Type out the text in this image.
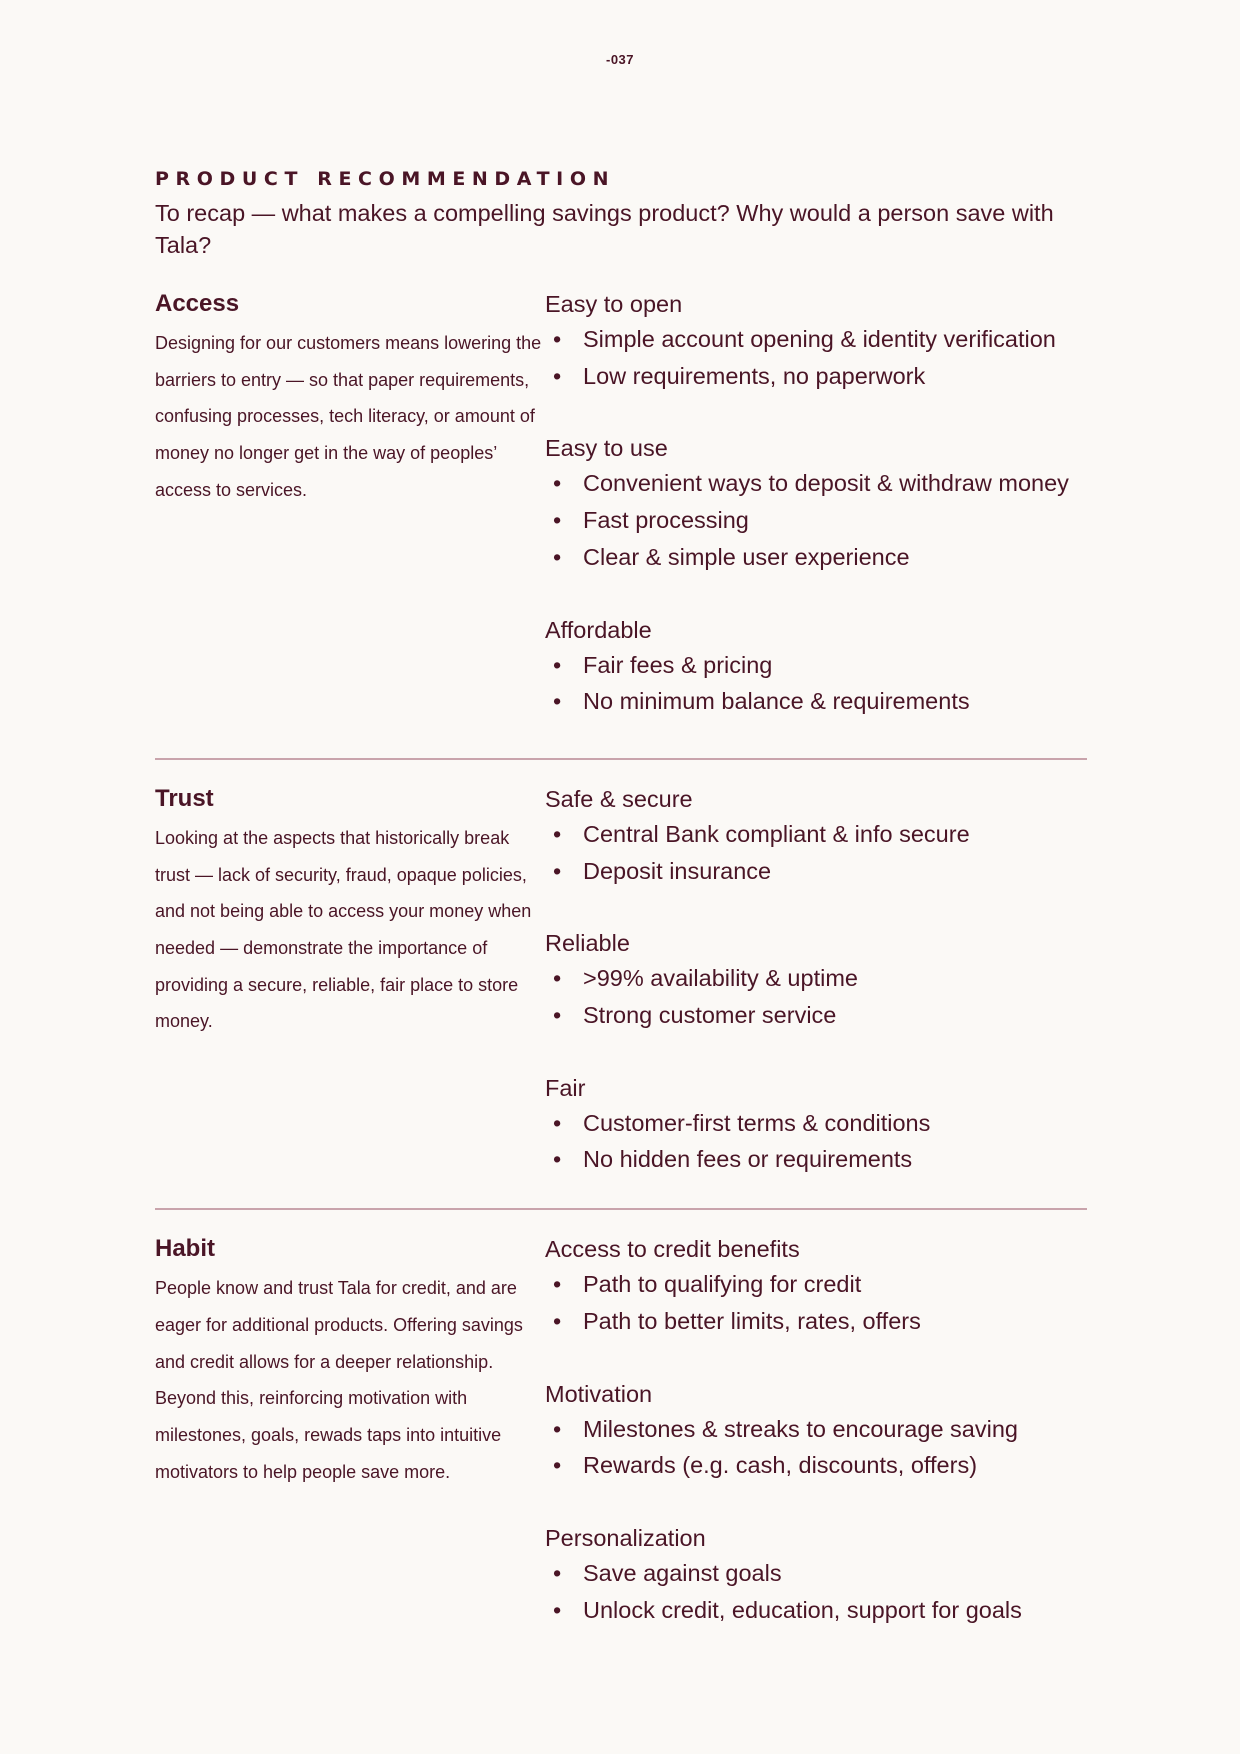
-037
PRODUCT RECOMMENDATION

To recap — what makes a compelling savings product? Why would a person save with Tala?

Access

Designing for our customers means lowering the barriers to entry — so that paper requirements, confusing processes, tech literacy, or amount of money no longer get in the way of peoples’ access to services.

Easy to open

• Simple account opening & identity verification
• Low requirements, no paperwork

Easy to use

• Convenient ways to deposit & withdraw money
• Fast processing
• Clear & simple user experience

Affordable

• Fair fees & pricing
• No minimum balance & requirements
Trust

Looking at the aspects that historically break trust — lack of security, fraud, opaque policies, and not being able to access your money when needed — demonstrate the importance of providing a secure, reliable, fair place to store money.

Safe & secure

• Central Bank compliant & info secure
• Deposit insurance

Reliable

• >99% availability & uptime
• Strong customer service

Fair

• Customer-first terms & conditions
• No hidden fees or requirements
Habit

People know and trust Tala for credit, and are eager for additional products. Offering savings and credit allows for a deeper relationship. Beyond this, reinforcing motivation with milestones, goals, rewads taps into intuitive motivators to help people save more.

Access to credit benefits

• Path to qualifying for credit
• Path to better limits, rates, offers

Motivation

• Milestones & streaks to encourage saving
• Rewards (e.g. cash, discounts, offers)

Personalization

• Save against goals
• Unlock credit, education, support for goals
